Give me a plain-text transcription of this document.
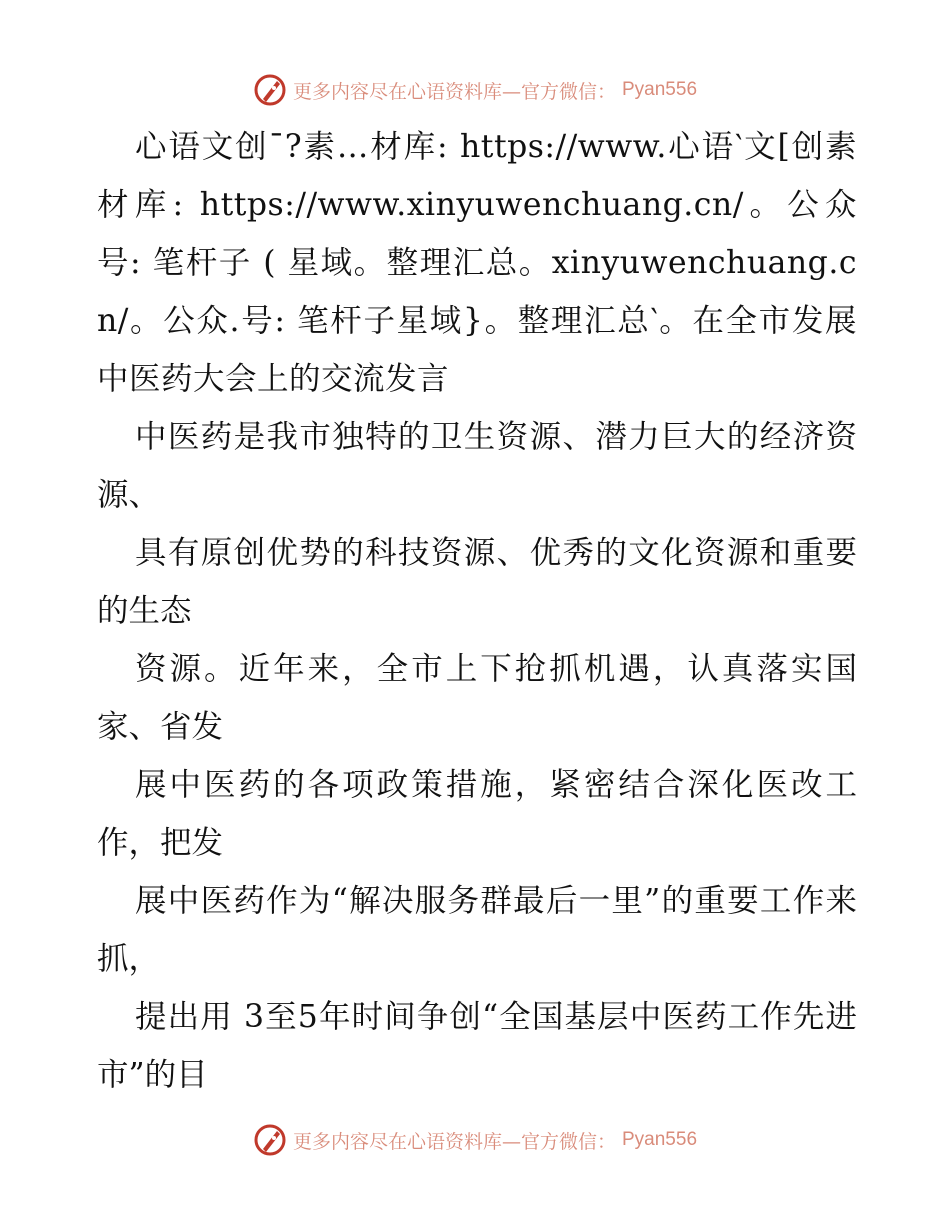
更多内容尽在心语资料库—官方微信： Pyan556

心语文创¯?素…材库: https://www.心语‵文[创素材库: https://www.xinyuwenchuang.cn/。公众号: 笔杆子 ( 星域。整理汇总。xinyuwenchuang.cn/。公众.号: 笔杆子星域}。整理汇总‵。在全市发展中医药大会上的交流发言

中医药是我市独特的卫生资源、潜力巨大的经济资源、

具有原创优势的科技资源、优秀的文化资源和重要的生态

资源。近年来，全市上下抢抓机遇，认真落实国家、省发

展中医药的各项政策措施，紧密结合深化医改工作，把发

展中医药作为“解决服务群最后一里”的重要工作来抓，

提出用 3至5年时间争创“全国基层中医药工作先进市”的目

更多内容尽在心语资料库—官方微信： Pyan556
